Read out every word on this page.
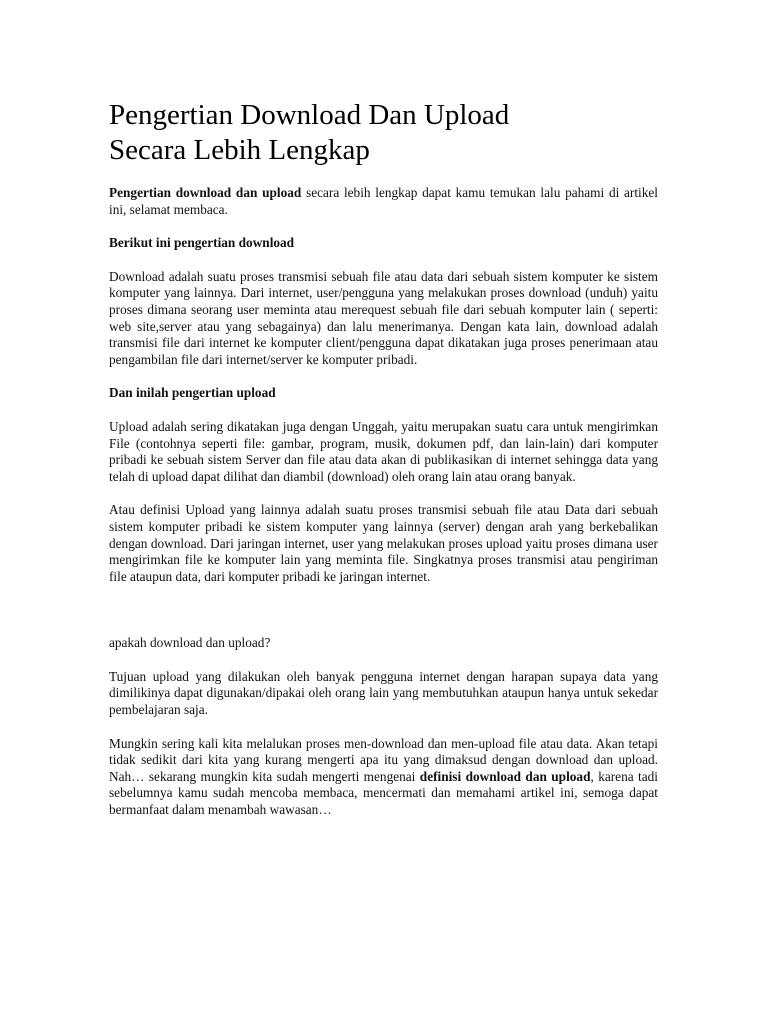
Pengertian Download Dan Upload
Secara Lebih Lengkap

Pengertian download dan upload secara lebih lengkap dapat kamu temukan lalu pahami di artikel ini, selamat membaca.

Berikut ini pengertian download

Download adalah suatu proses transmisi sebuah file atau data dari sebuah sistem komputer ke sistem komputer yang lainnya. Dari internet, user/pengguna yang melakukan proses download (unduh) yaitu proses dimana seorang user meminta atau merequest sebuah file dari sebuah komputer lain ( seperti: web site,server atau yang sebagainya) dan lalu menerimanya. Dengan kata lain, download adalah transmisi file dari internet ke komputer client/pengguna dapat dikatakan juga proses penerimaan atau pengambilan file dari internet/server ke komputer pribadi.

Dan inilah pengertian upload

Upload adalah sering dikatakan juga dengan Unggah, yaitu merupakan suatu cara untuk mengirimkan File (contohnya seperti file: gambar, program, musik, dokumen pdf, dan lain-lain) dari komputer pribadi ke sebuah sistem Server dan file atau data akan di publikasikan di internet sehingga data yang telah di upload dapat dilihat dan diambil (download) oleh orang lain atau orang banyak.

Atau definisi Upload yang lainnya adalah suatu proses transmisi sebuah file atau Data dari sebuah sistem komputer pribadi ke sistem komputer yang lainnya (server) dengan arah yang berkebalikan dengan download. Dari jaringan internet, user yang melakukan proses upload yaitu proses dimana user mengirimkan file ke komputer lain yang meminta file. Singkatnya proses transmisi atau pengiriman file ataupun data, dari komputer pribadi ke jaringan internet.

apakah download dan upload?

Tujuan upload yang dilakukan oleh banyak pengguna internet dengan harapan supaya data yang dimilikinya dapat digunakan/dipakai oleh orang lain yang membutuhkan ataupun hanya untuk sekedar pembelajaran saja.

Mungkin sering kali kita melalukan proses men-download dan men-upload file atau data. Akan tetapi tidak sedikit dari kita yang kurang mengerti apa itu yang dimaksud dengan download dan upload. Nah… sekarang mungkin kita sudah mengerti mengenai definisi download dan upload, karena tadi sebelumnya kamu sudah mencoba membaca, mencermati dan memahami artikel ini, semoga dapat bermanfaat dalam menambah wawasan…
